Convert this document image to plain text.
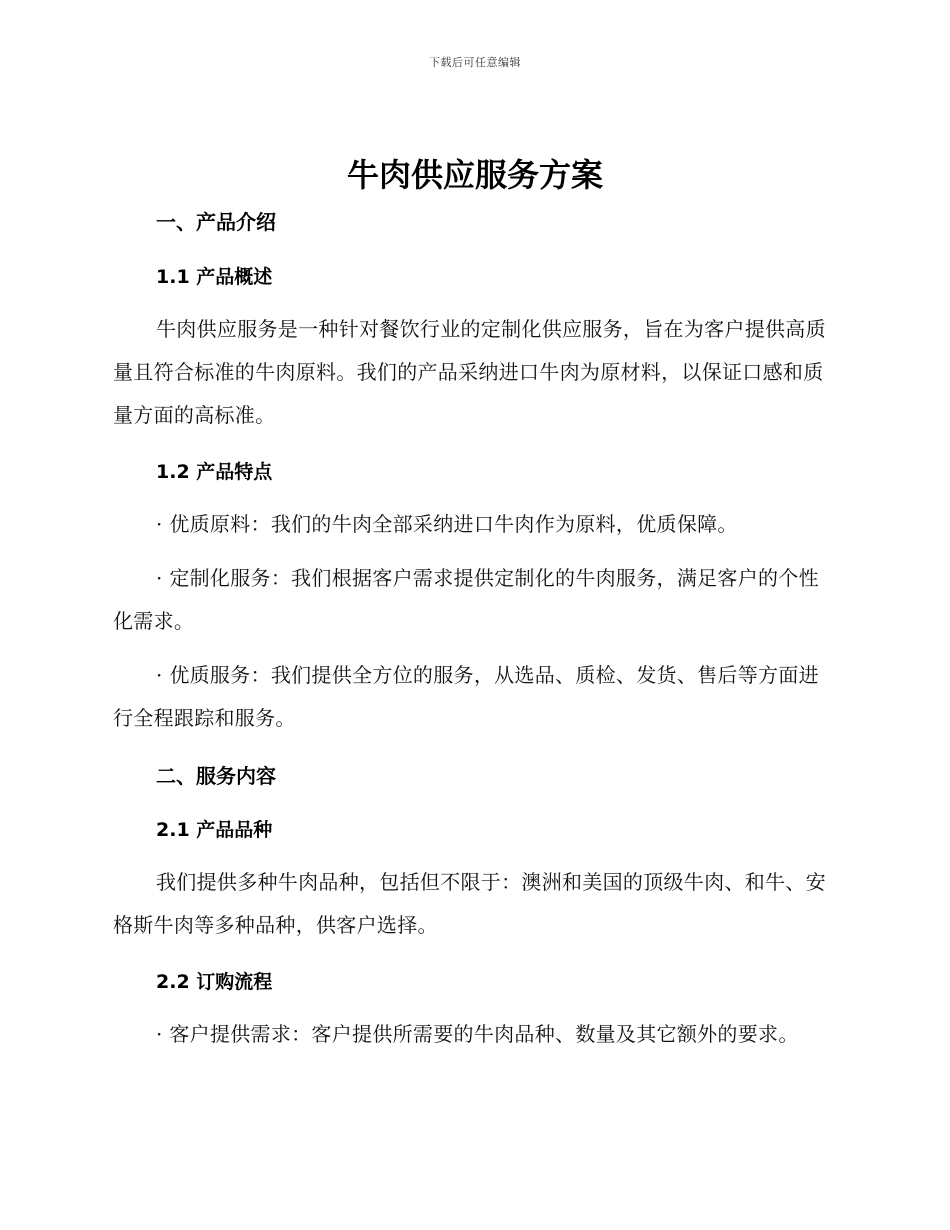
下载后可任意编辑
牛肉供应服务方案
一、产品介绍
1.1 产品概述

牛肉供应服务是一种针对餐饮行业的定制化供应服务，旨在为客户提供高质量且符合标准的牛肉原料。我们的产品采纳进口牛肉为原材料，以保证口感和质量方面的高标准。

1.2 产品特点

· 优质原料：我们的牛肉全部采纳进口牛肉作为原料，优质保障。

· 定制化服务：我们根据客户需求提供定制化的牛肉服务，满足客户的个性化需求。

· 优质服务：我们提供全方位的服务，从选品、质检、发货、售后等方面进行全程跟踪和服务。

二、服务内容
2.1 产品品种

我们提供多种牛肉品种，包括但不限于：澳洲和美国的顶级牛肉、和牛、安格斯牛肉等多种品种，供客户选择。

2.2 订购流程

· 客户提供需求：客户提供所需要的牛肉品种、数量及其它额外的要求。
